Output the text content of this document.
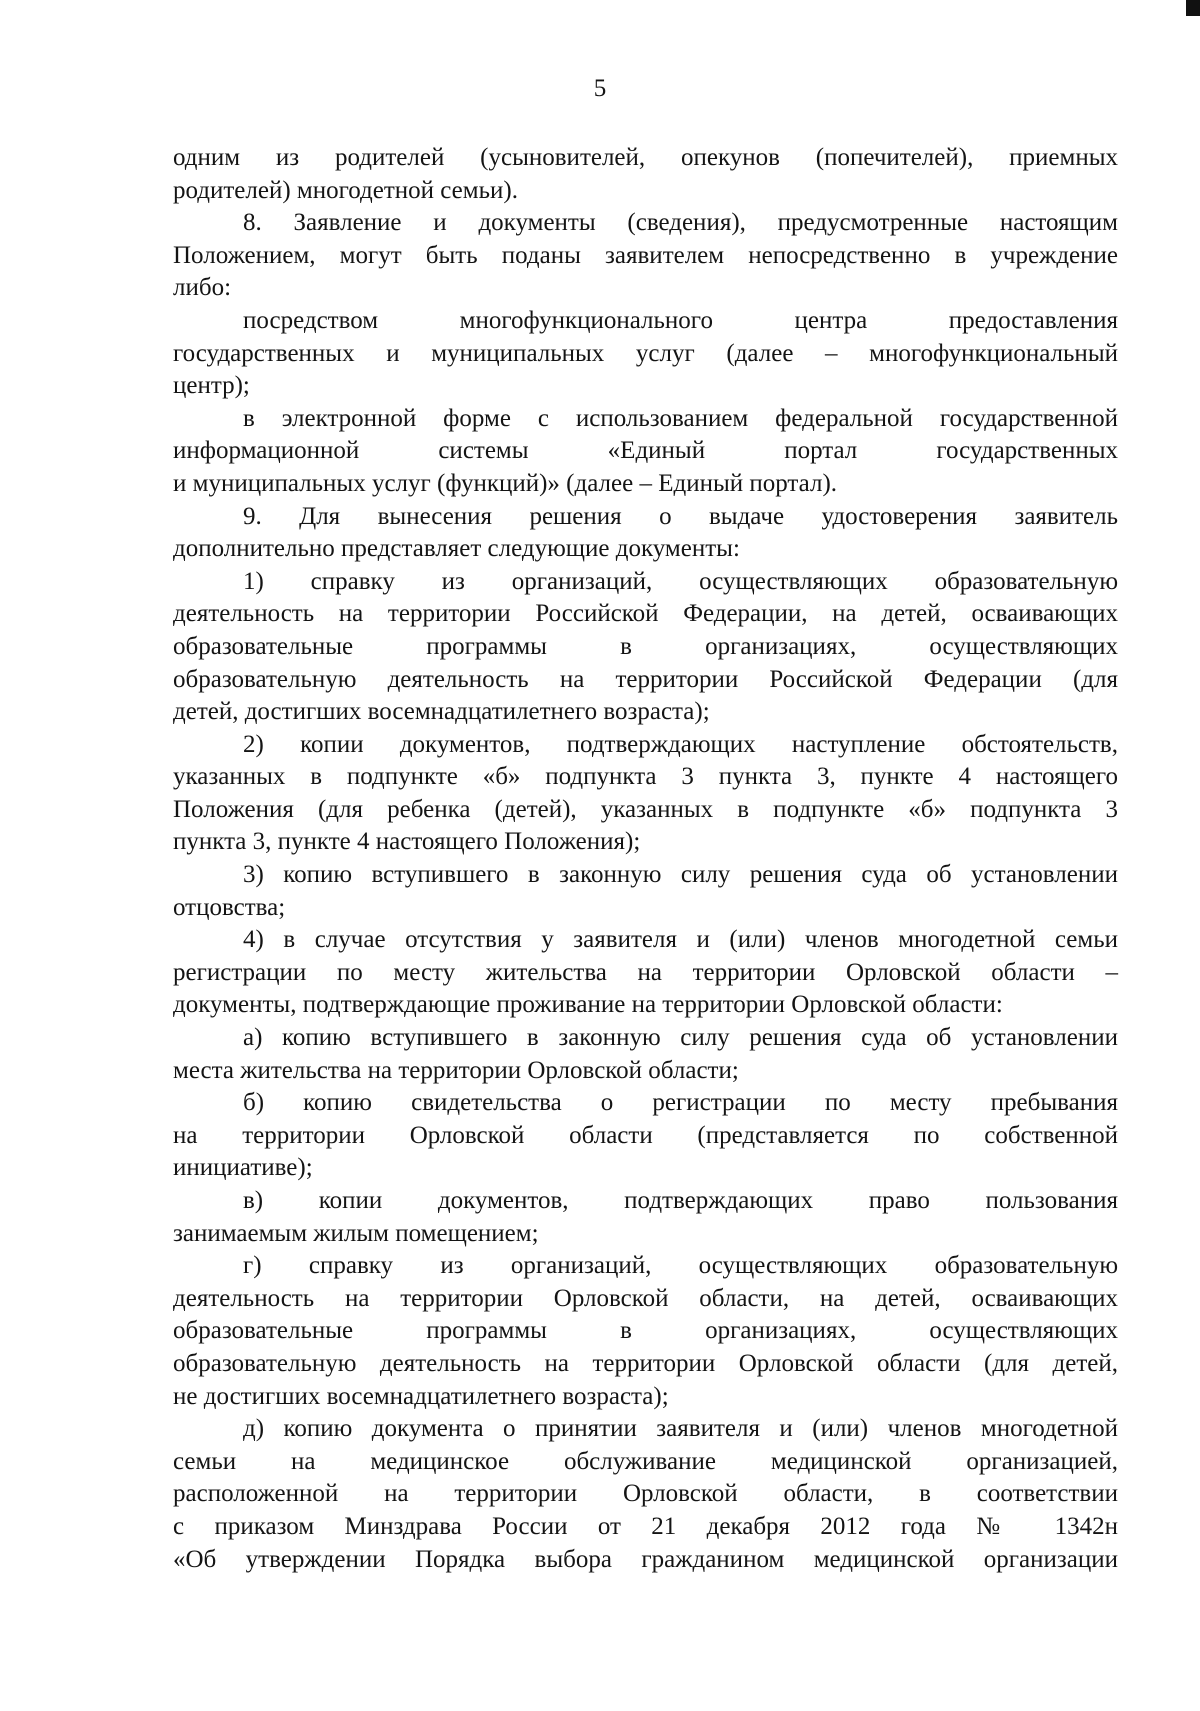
5

одним из родителей (усыновителей, опекунов (попечителей), приемных

родителей) многодетной семьи).

8. Заявление и документы (сведения), предусмотренные настоящим

Положением, могут быть поданы заявителем непосредственно в учреждение

либо:

посредством многофункционального центра предоставления

государственных и муниципальных услуг (далее – многофункциональный

центр);

в электронной форме с использованием федеральной государственной

информационной системы «Единый портал государственных

и муниципальных услуг (функций)» (далее – Единый портал).

9. Для вынесения решения о выдаче удостоверения заявитель

дополнительно представляет следующие документы:

1) справку из организаций, осуществляющих образовательную

деятельность на территории Российской Федерации, на детей, осваивающих

образовательные программы в организациях, осуществляющих

образовательную деятельность на территории Российской Федерации (для

детей, достигших восемнадцатилетнего возраста);

2) копии документов, подтверждающих наступление обстоятельств,

указанных в подпункте «б» подпункта 3 пункта 3, пункте 4 настоящего

Положения (для ребенка (детей), указанных в подпункте «б» подпункта 3

пункта 3, пункте 4 настоящего Положения);

3) копию вступившего в законную силу решения суда об установлении

отцовства;

4) в случае отсутствия у заявителя и (или) членов многодетной семьи

регистрации по месту жительства на территории Орловской области –

документы, подтверждающие проживание на территории Орловской области:

а) копию вступившего в законную силу решения суда об установлении

места жительства на территории Орловской области;

б) копию свидетельства о регистрации по месту пребывания

на территории Орловской области (представляется по собственной

инициативе);

в) копии документов, подтверждающих право пользования

занимаемым жилым помещением;

г) справку из организаций, осуществляющих образовательную

деятельность на территории Орловской области, на детей, осваивающих

образовательные программы в организациях, осуществляющих

образовательную деятельность на территории Орловской области (для детей,

не достигших восемнадцатилетнего возраста);

д) копию документа о принятии заявителя и (или) членов многодетной

семьи на медицинское обслуживание медицинской организацией,

расположенной на территории Орловской области, в соответствии

с приказом Минздрава России от 21 декабря 2012 года № 1342н

«Об утверждении Порядка выбора гражданином медицинской организации
